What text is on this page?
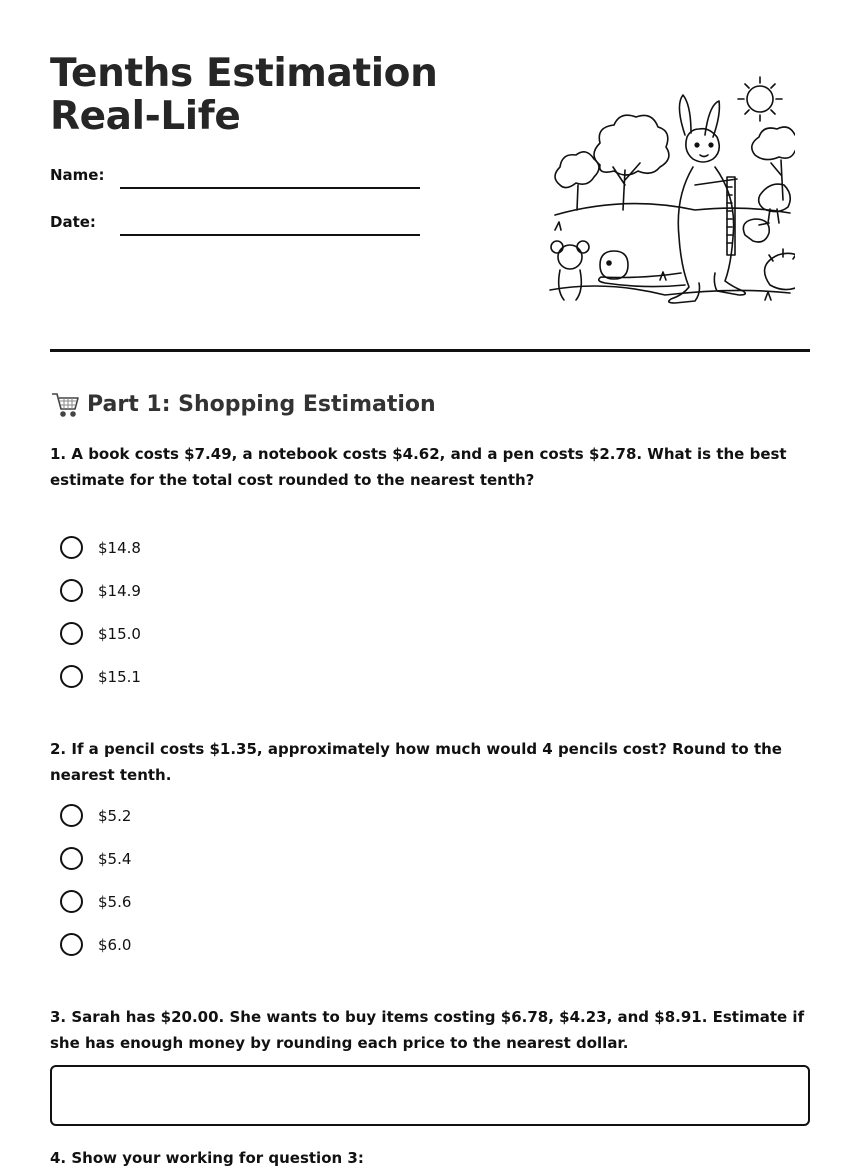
Tenths Estimation Real-Life
Name:
Date:
Part 1: Shopping Estimation
1. A book costs $7.49, a notebook costs $4.62, and a pen costs $2.78. What is the best estimate for the total cost rounded to the nearest tenth?
$14.8
$14.9
$15.0
$15.1
2. If a pencil costs $1.35, approximately how much would 4 pencils cost? Round to the nearest tenth.
$5.2
$5.4
$5.6
$6.0
3. Sarah has $20.00. She wants to buy items costing $6.78, $4.23, and $8.91. Estimate if she has enough money by rounding each price to the nearest dollar.
4. Show your working for question 3:
